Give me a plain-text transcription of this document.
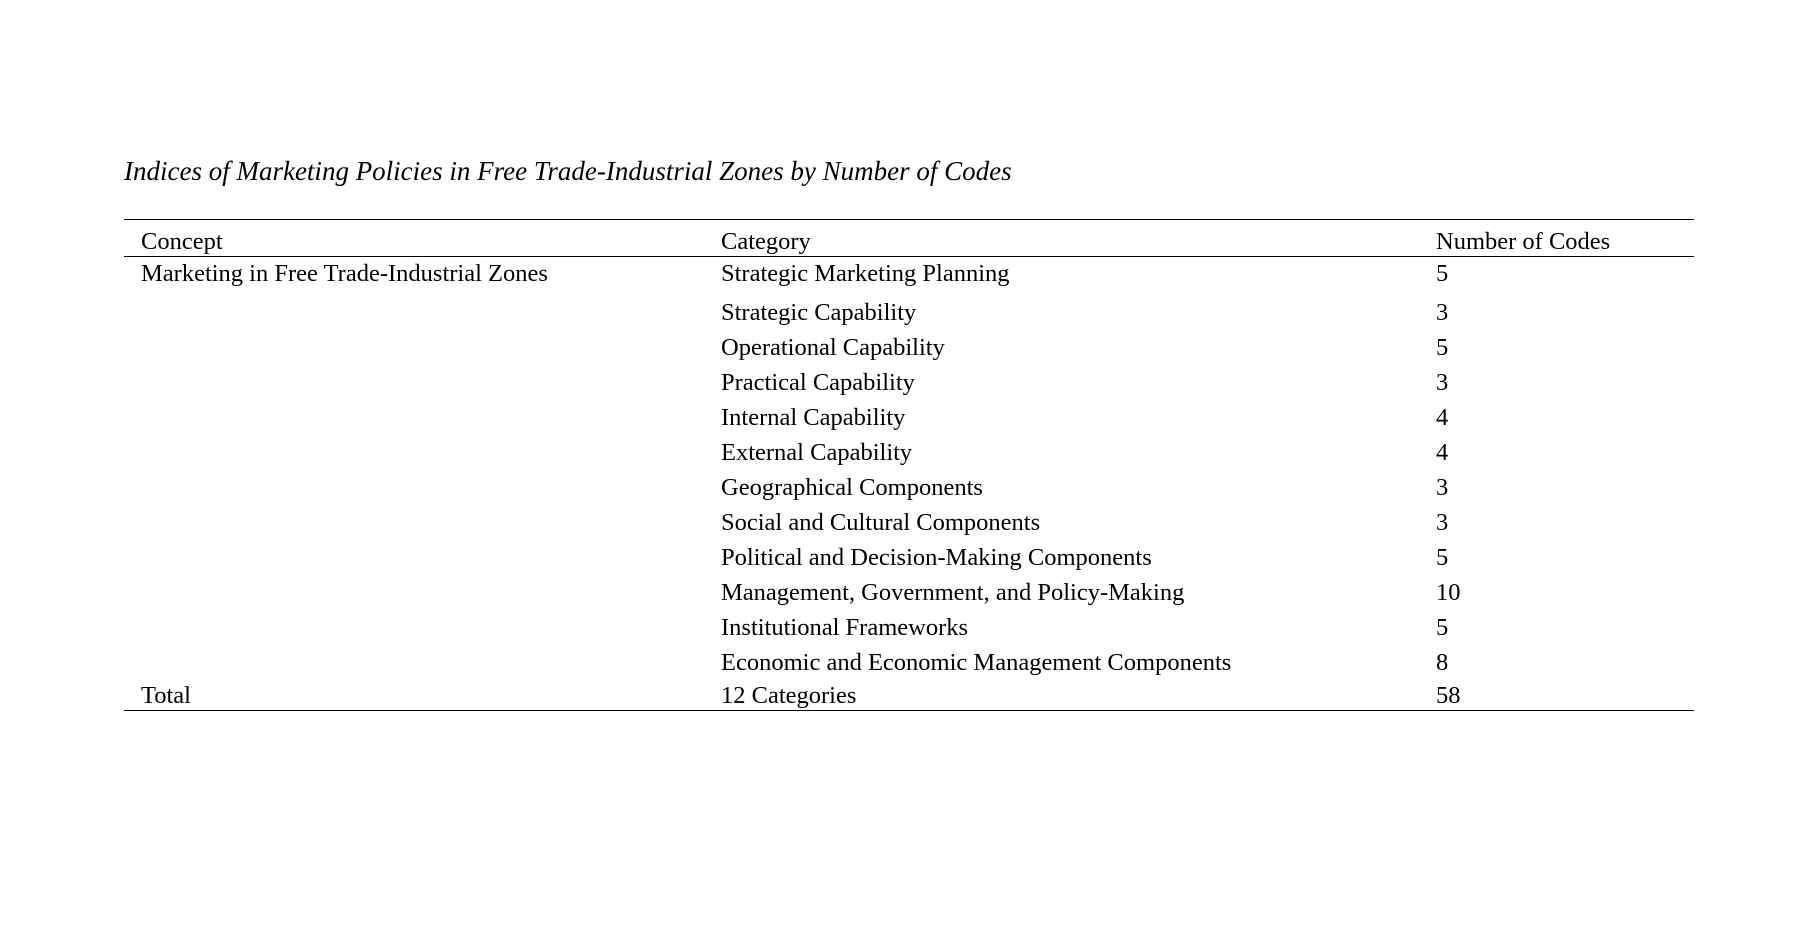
Indices of Marketing Policies in Free Trade-Industrial Zones by Number of Codes
Concept	Category	Number of Codes
Marketing in Free Trade-Industrial Zones	Strategic Marketing Planning	5
	Strategic Capability	3
	Operational Capability	5
	Practical Capability	3
	Internal Capability	4
	External Capability	4
	Geographical Components	3
	Social and Cultural Components	3
	Political and Decision-Making Components	5
	Management, Government, and Policy-Making	10
	Institutional Frameworks	5
	Economic and Economic Management Components	8
Total	12 Categories	58
